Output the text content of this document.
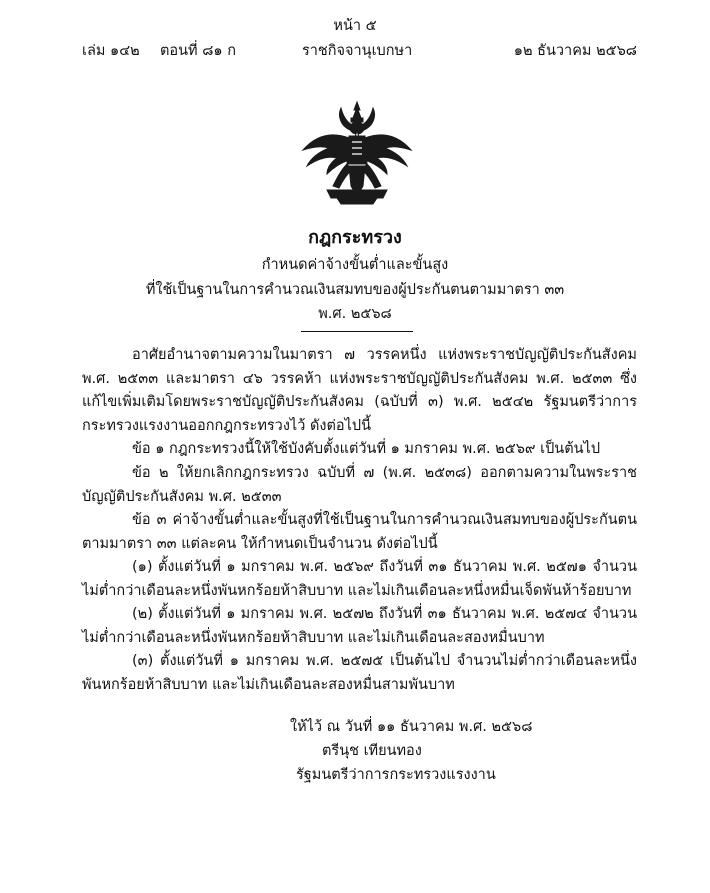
หน้า ๕
เล่ม ๑๔๒ ตอนที่ ๘๑ ก	ราชกิจจานุเบกษา	๑๒ ธันวาคม ๒๕๖๘
กฎกระทรวง
กำหนดค่าจ้างขั้นต่ำและขั้นสูง
ที่ใช้เป็นฐานในการคำนวณเงินสมทบของผู้ประกันตนตามมาตรา ๓๓
พ.ศ. ๒๕๖๘
อาศัยอำนาจตามความในมาตรา ๗ วรรคหนึ่ง แห่งพระราชบัญญัติประกันสังคม พ.ศ. ๒๕๓๓ และมาตรา ๔๖ วรรคห้า แห่งพระราชบัญญัติประกันสังคม พ.ศ. ๒๕๓๓ ซึ่งแก้ไขเพิ่มเติมโดยพระราชบัญญัติประกันสังคม (ฉบับที่ ๓) พ.ศ. ๒๕๔๒ รัฐมนตรีว่าการกระทรวงแรงงานออกกฎกระทรวงไว้ ดังต่อไปนี้
ข้อ ๑ กฎกระทรวงนี้ให้ใช้บังคับตั้งแต่วันที่ ๑ มกราคม พ.ศ. ๒๕๖๙ เป็นต้นไป
ข้อ ๒ ให้ยกเลิกกฎกระทรวง ฉบับที่ ๗ (พ.ศ. ๒๕๓๘) ออกตามความในพระราชบัญญัติประกันสังคม พ.ศ. ๒๕๓๓
ข้อ ๓ ค่าจ้างขั้นต่ำและขั้นสูงที่ใช้เป็นฐานในการคำนวณเงินสมทบของผู้ประกันตนตามมาตรา ๓๓ แต่ละคน ให้กำหนดเป็นจำนวน ดังต่อไปนี้
(๑) ตั้งแต่วันที่ ๑ มกราคม พ.ศ. ๒๕๖๙ ถึงวันที่ ๓๑ ธันวาคม พ.ศ. ๒๕๗๑ จำนวนไม่ต่ำกว่าเดือนละหนึ่งพันหกร้อยห้าสิบบาท และไม่เกินเดือนละหนึ่งหมื่นเจ็ดพันห้าร้อยบาท
(๒) ตั้งแต่วันที่ ๑ มกราคม พ.ศ. ๒๕๗๒ ถึงวันที่ ๓๑ ธันวาคม พ.ศ. ๒๕๗๔ จำนวนไม่ต่ำกว่าเดือนละหนึ่งพันหกร้อยห้าสิบบาท และไม่เกินเดือนละสองหมื่นบาท
(๓) ตั้งแต่วันที่ ๑ มกราคม พ.ศ. ๒๕๗๕ เป็นต้นไป จำนวนไม่ต่ำกว่าเดือนละหนึ่งพันหกร้อยห้าสิบบาท และไม่เกินเดือนละสองหมื่นสามพันบาท
ให้ไว้ ณ วันที่ ๑๑ ธันวาคม พ.ศ. ๒๕๖๘
ตรีนุช เทียนทอง
รัฐมนตรีว่าการกระทรวงแรงงาน
